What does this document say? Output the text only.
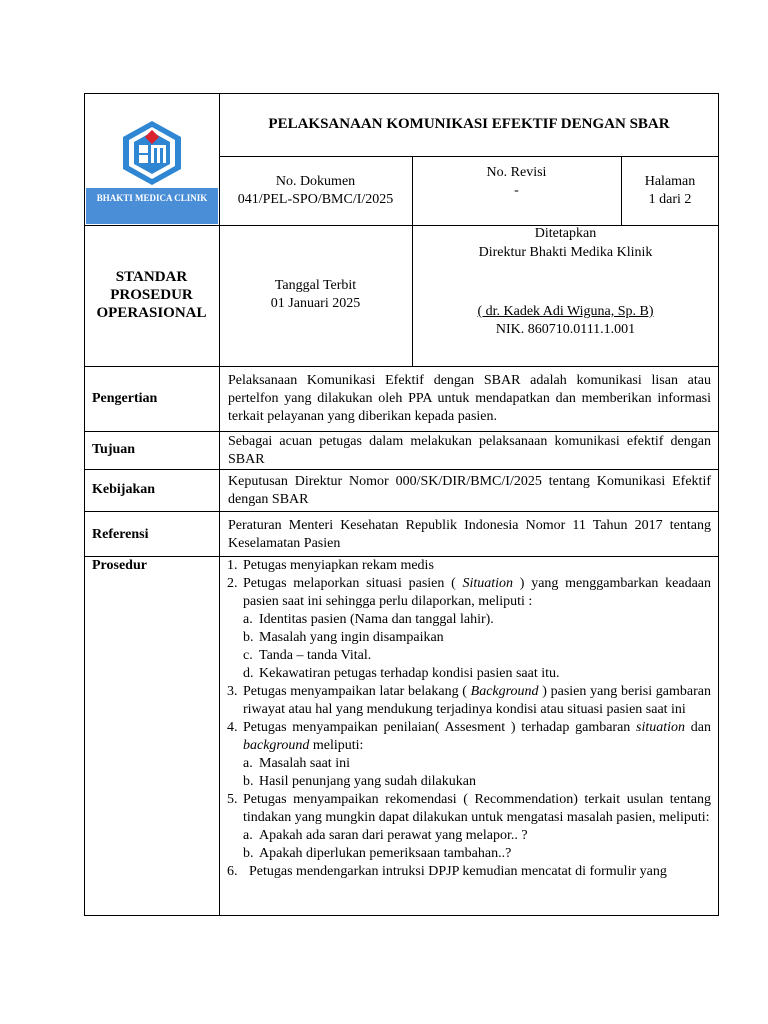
BHAKTI MEDICA CLINIK
PELAKSANAAN KOMUNIKASI EFEKTIF DENGAN SBAR
No. Dokumen
041/PEL-SPO/BMC/I/2025
No. Revisi
-
Halaman
1 dari 2
STANDAR
PROSEDUR
OPERASIONAL
Tanggal Terbit
01 Januari 2025
Ditetapkan
Direktur Bhakti Medika Klinik
( dr. Kadek Adi Wiguna, Sp. B)
NIK. 860710.0111.1.001
Pengertian
Pelaksanaan Komunikasi Efektif dengan SBAR adalah komunikasi lisan atau pertelfon yang dilakukan oleh PPA untuk mendapatkan dan memberikan informasi terkait pelayanan yang diberikan kepada pasien.
Tujuan
Sebagai acuan petugas dalam melakukan pelaksanaan komunikasi efektif dengan SBAR
Kebijakan
Keputusan Direktur Nomor 000/SK/DIR/BMC/I/2025 tentang Komunikasi Efektif dengan SBAR
Referensi
Peraturan Menteri Kesehatan Republik Indonesia Nomor 11 Tahun 2017 tentang Keselamatan Pasien
Prosedur	1. Petugas menyiapkan rekam medis
2. Petugas melaporkan situasi pasien ( Situation ) yang menggambarkan keadaan pasien saat ini sehingga perlu dilaporkan, meliputi :
a. Identitas pasien (Nama dan tanggal lahir).
b. Masalah yang ingin disampaikan
c. Tanda – tanda Vital.
d. Kekawatiran petugas terhadap kondisi pasien saat itu.
3. Petugas menyampaikan latar belakang ( Background ) pasien yang berisi gambaran riwayat atau hal yang mendukung terjadinya kondisi atau situasi pasien saat ini
4. Petugas menyampaikan penilaian( Assesment ) terhadap gambaran situation dan background meliputi:
a. Masalah saat ini
b. Hasil penunjang yang sudah dilakukan
5. Petugas menyampaikan rekomendasi ( Recommendation) terkait usulan tentang tindakan yang mungkin dapat dilakukan untuk mengatasi masalah pasien, meliputi:
a. Apakah ada saran dari perawat yang melapor.. ?
b. Apakah diperlukan pemeriksaan tambahan..?
6. Petugas mendengarkan intruksi DPJP kemudian mencatat di formulir yang
